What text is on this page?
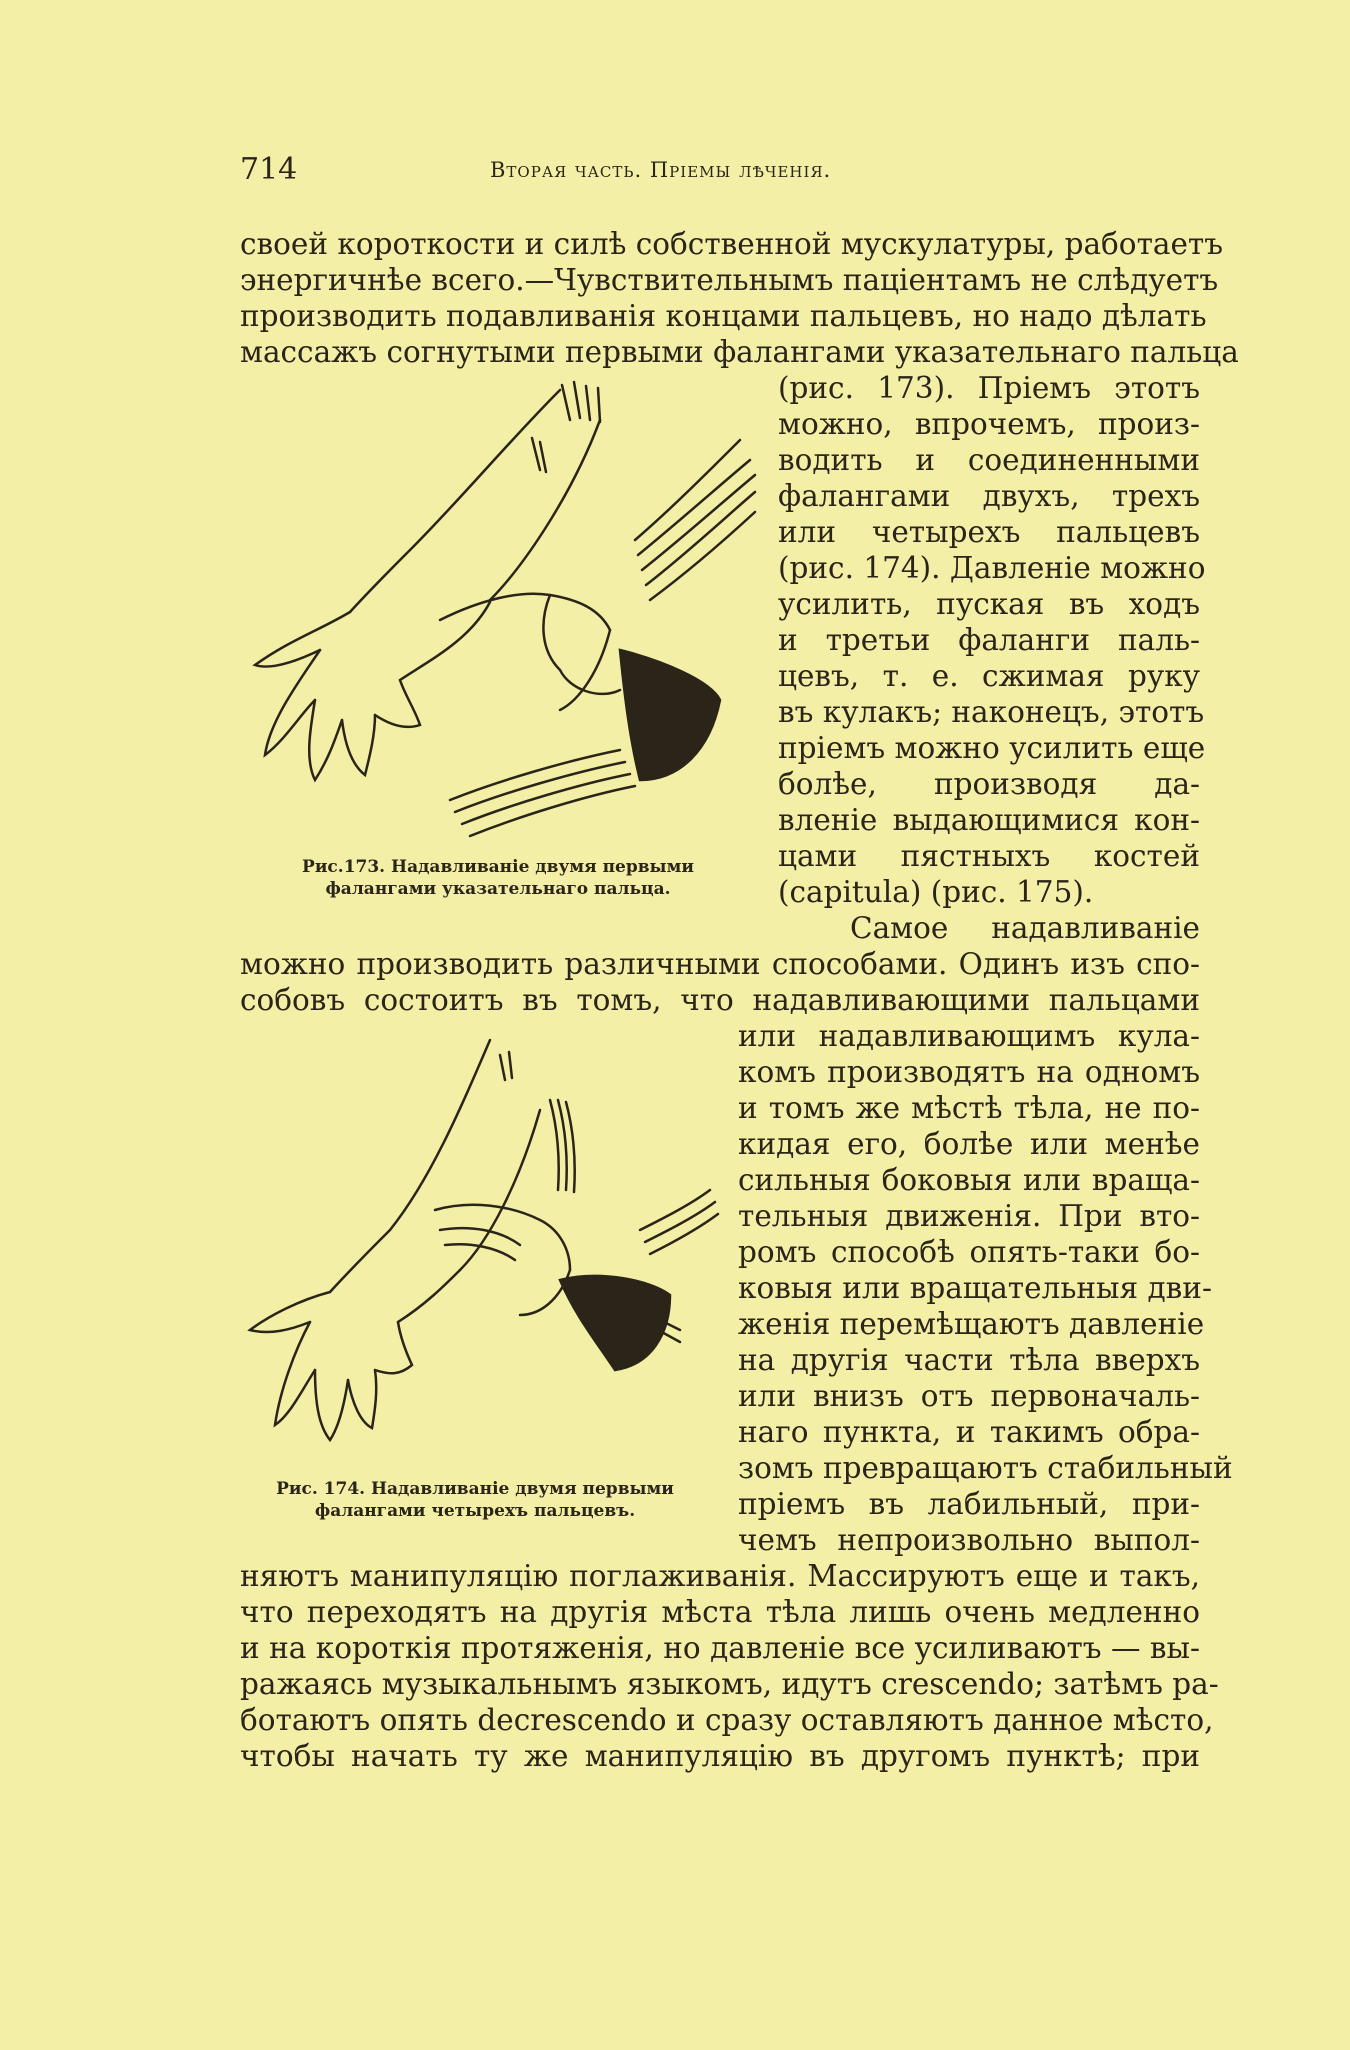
714	Вторая часть. Пріемы лѣченія.
своей короткости и силѣ собственной мускулатуры, работаетъ
энергичнѣе всего.—Чувствительнымъ паціентамъ не слѣдуетъ
производить подавливанія концами пальцевъ, но надо дѣлать
массажъ согнутыми первыми фалангами указательнаго пальца
(рис. 173). Пріемъ этотъ
можно, впрочемъ, произ-
водить и соединенными
фалангами двухъ, трехъ
или четырехъ пальцевъ
(рис. 174). Давленіе можно
усилить, пуская въ ходъ
и третьи фаланги паль-
цевъ, т. е. сжимая руку
въ кулакъ; наконецъ, этотъ
пріемъ можно усилить еще
болѣе, производя да-
вленіе выдающимися кон-
цами пястныхъ костей
(capitula) (рис. 175).
Самое надавливаніе
можно производить различными способами. Одинъ изъ спо-
собовъ состоитъ въ томъ, что надавливающими пальцами
или надавливающимъ кула-
комъ производятъ на одномъ
и томъ же мѣстѣ тѣла, не по-
кидая его, болѣе или менѣе
сильныя боковыя или враща-
тельныя движенія. При вто-
ромъ способѣ опять-таки бо-
ковыя или вращательныя дви-
женія перемѣщаютъ давленіе
на другія части тѣла вверхъ
или внизъ отъ первоначаль-
наго пункта, и такимъ обра-
зомъ превращаютъ стабильный
пріемъ въ лабильный, при-
чемъ непроизвольно выпол-
няютъ манипуляцію поглаживанія. Массируютъ еще и такъ,
что переходятъ на другія мѣста тѣла лишь очень медленно
и на короткія протяженія, но давленіе все усиливаютъ — вы-
ражаясь музыкальнымъ языкомъ, идутъ crescendo; затѣмъ ра-
ботаютъ опять decrescendo и сразу оставляютъ данное мѣсто,
чтобы начать ту же манипуляцію въ другомъ пунктѣ; при
Рис.173. Надавливаніе двумя первыми
фалангами указательнаго пальца.
Рис. 174. Надавливаніе двумя первыми
фалангами четырехъ пальцевъ.
